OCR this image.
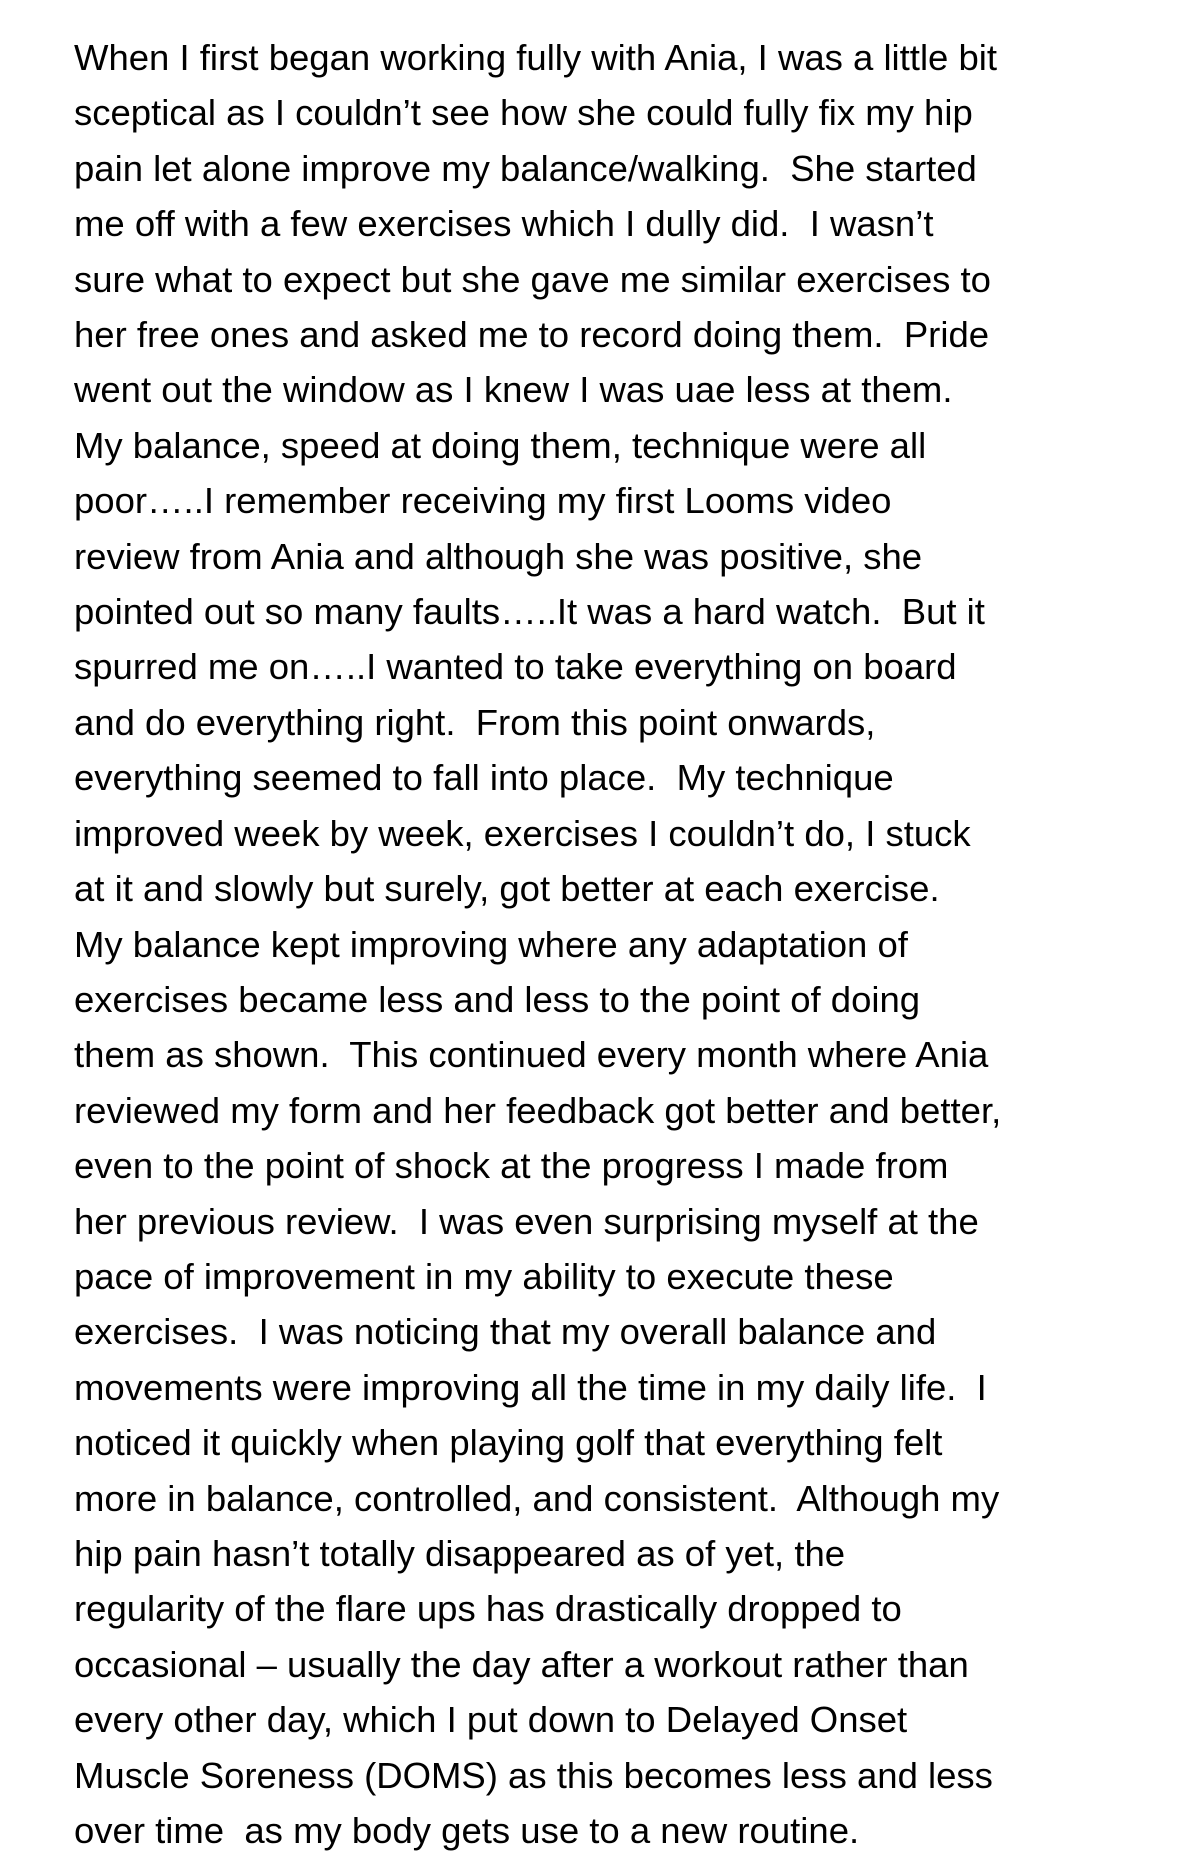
When I first began working fully with Ania, I was a little bit
sceptical as I couldn’t see how she could fully fix my hip
pain let alone improve my balance/walking.  She started
me off with a few exercises which I dully did.  I wasn’t
sure what to expect but she gave me similar exercises to
her free ones and asked me to record doing them.  Pride
went out the window as I knew I was uae less at them.
My balance, speed at doing them, technique were all
poor…..I remember receiving my first Looms video
review from Ania and although she was positive, she
pointed out so many faults…..It was a hard watch.  But it
spurred me on…..I wanted to take everything on board
and do everything right.  From this point onwards,
everything seemed to fall into place.  My technique
improved week by week, exercises I couldn’t do, I stuck
at it and slowly but surely, got better at each exercise.
My balance kept improving where any adaptation of
exercises became less and less to the point of doing
them as shown.  This continued every month where Ania
reviewed my form and her feedback got better and better,
even to the point of shock at the progress I made from
her previous review.  I was even surprising myself at the
pace of improvement in my ability to execute these
exercises.  I was noticing that my overall balance and
movements were improving all the time in my daily life.  I
noticed it quickly when playing golf that everything felt
more in balance, controlled, and consistent.  Although my
hip pain hasn’t totally disappeared as of yet, the
regularity of the flare ups has drastically dropped to
occasional – usually the day after a workout rather than
every other day, which I put down to Delayed Onset
Muscle Soreness (DOMS) as this becomes less and less
over time  as my body gets use to a new routine.
